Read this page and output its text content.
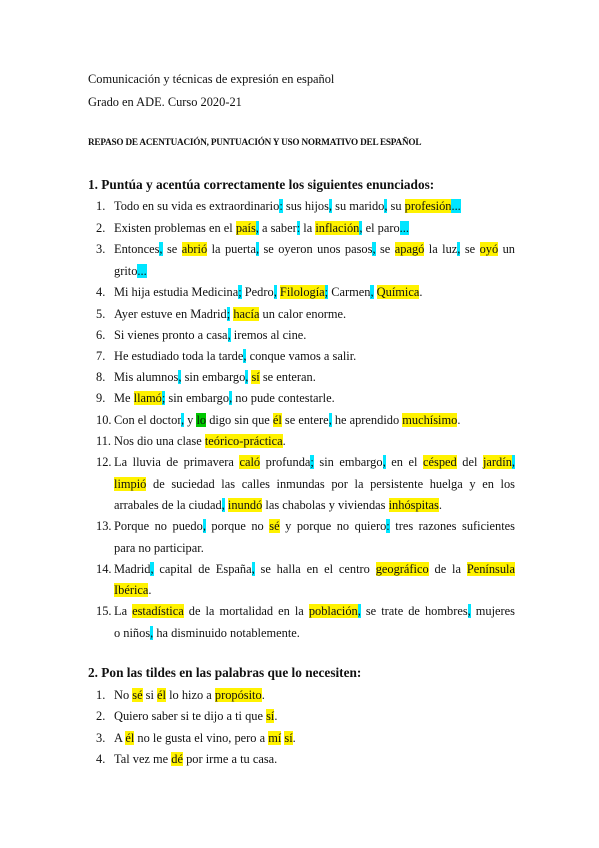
Comunicación y técnicas de expresión en español
Grado en ADE. Curso 2020-21
REPASO DE ACENTUACIÓN, PUNTUACIÓN Y USO NORMATIVO DEL ESPAÑOL
1. Puntúa y acentúa correctamente los siguientes enunciados:
1. Todo en su vida es extraordinario: sus hijos, su marido, su profesión...
2. Existen problemas en el país, a saber: la inflación, el paro...
3. Entonces, se abrió la puerta, se oyeron unos pasos, se apagó la luz, se oyó un
grito...
4. Mi hija estudia Medicina; Pedro, Filología; Carmen, Química.
5. Ayer estuve en Madrid; hacía un calor enorme.
6. Si vienes pronto a casa, iremos al cine.
7. He estudiado toda la tarde, conque vamos a salir.
8. Mis alumnos, sin embargo, sí se enteran.
9. Me llamó; sin embargo, no pude contestarle.
10. Con el doctor, y lo digo sin que él se entere, he aprendido muchísimo.
11. Nos dio una clase teórico-práctica.
12. La lluvia de primavera caló profunda; sin embargo, en el césped del jardín,
limpió de suciedad las calles inmundas por la persistente huelga y en los
arrabales de la ciudad, inundó las chabolas y viviendas inhóspitas.
13. Porque no puedo, porque no sé y porque no quiero: tres razones suficientes
para no participar.
14. Madrid, capital de España, se halla en el centro geográfico de la Península
Ibérica.
15. La estadística de la mortalidad en la población, se trate de hombres, mujeres
o niños, ha disminuido notablemente.
2. Pon las tildes en las palabras que lo necesiten:
1. No sé si él lo hizo a propósito.
2. Quiero saber si te dijo a ti que sí.
3. A él no le gusta el vino, pero a mí sí.
4. Tal vez me dé por irme a tu casa.
